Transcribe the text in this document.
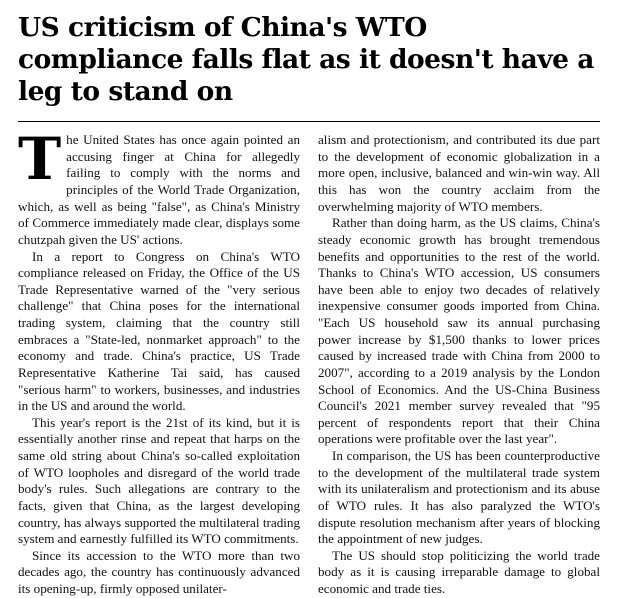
US criticism of China's WTO compliance falls flat as it doesn't have a leg to stand on

The United States has once again pointed an accusing finger at China for allegedly failing to comply with the norms and principles of the World Trade Organization, which, as well as being "false", as China's Ministry of Commerce immediately made clear, displays some chutzpah given the US' actions.

In a report to Congress on China's WTO compliance released on Friday, the Office of the US Trade Representative warned of the "very serious challenge" that China poses for the international trading system, claiming that the country still embraces a "State-led, nonmarket approach" to the economy and trade. China's practice, US Trade Representative Katherine Tai said, has caused "serious harm" to workers, businesses, and industries in the US and around the world.

This year's report is the 21st of its kind, but it is essentially another rinse and repeat that harps on the same old string about China's so-called exploitation of WTO loopholes and disregard of the world trade body's rules. Such allegations are contrary to the facts, given that China, as the largest developing country, has always supported the multilateral trading system and earnestly fulfilled its WTO commitments.

Since its accession to the WTO more than two decades ago, the country has continuously advanced its opening-up, firmly opposed unilater-

alism and protectionism, and contributed its due part to the development of economic globalization in a more open, inclusive, balanced and win-win way. All this has won the country acclaim from the overwhelming majority of WTO members.

Rather than doing harm, as the US claims, China's steady economic growth has brought tremendous benefits and opportunities to the rest of the world. Thanks to China's WTO accession, US consumers have been able to enjoy two decades of relatively inexpensive consumer goods imported from China. "Each US household saw its annual purchasing power increase by $1,500 thanks to lower prices caused by increased trade with China from 2000 to 2007", according to a 2019 analysis by the London School of Economics. And the US-China Business Council's 2021 member survey revealed that "95 percent of respondents report that their China operations were profitable over the last year".

In comparison, the US has been counterproductive to the development of the multilateral trade system with its unilateralism and protectionism and its abuse of WTO rules. It has also paralyzed the WTO's dispute resolution mechanism after years of blocking the appointment of new judges.

The US should stop politicizing the world trade body as it is causing irreparable damage to global economic and trade ties.
